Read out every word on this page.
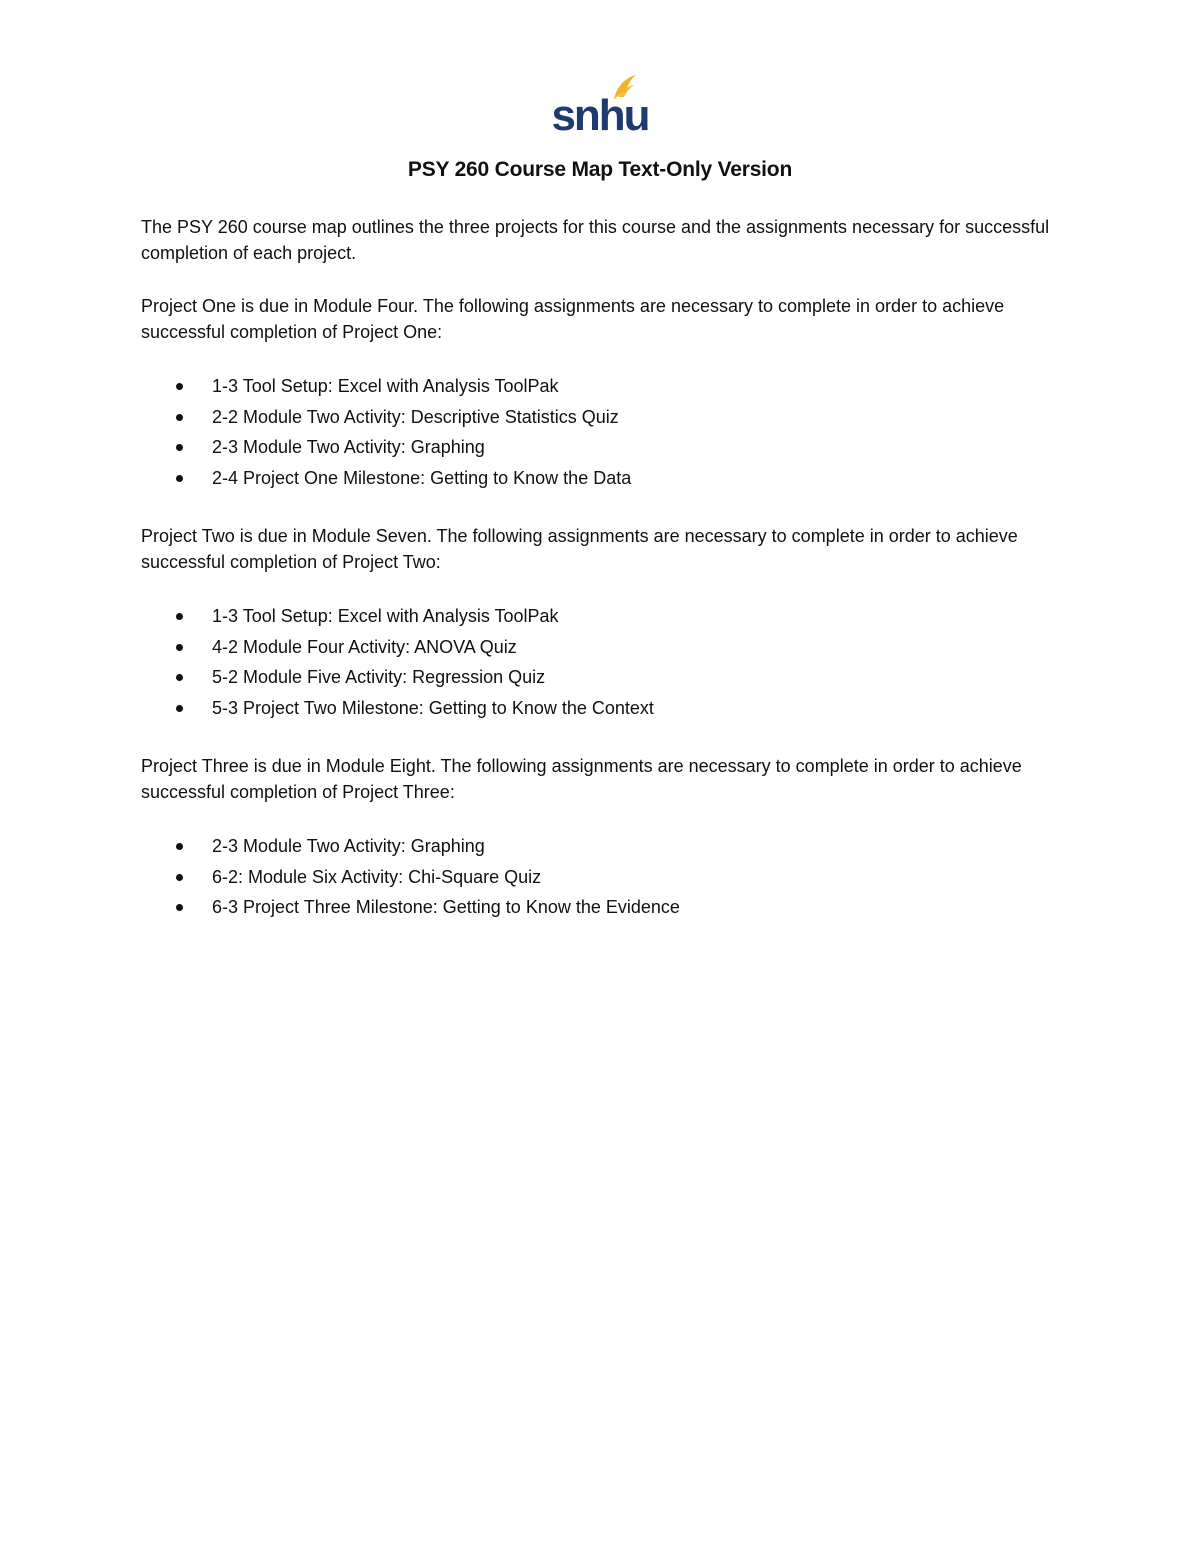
snhu
PSY 260 Course Map Text-Only Version

The PSY 260 course map outlines the three projects for this course and the assignments necessary for successful completion of each project.

Project One is due in Module Four. The following assignments are necessary to complete in order to achieve successful completion of Project One:

1-3 Tool Setup: Excel with Analysis ToolPak
2-2 Module Two Activity: Descriptive Statistics Quiz
2-3 Module Two Activity: Graphing
2-4 Project One Milestone: Getting to Know the Data

Project Two is due in Module Seven. The following assignments are necessary to complete in order to achieve successful completion of Project Two:

1-3 Tool Setup: Excel with Analysis ToolPak
4-2 Module Four Activity: ANOVA Quiz
5-2 Module Five Activity: Regression Quiz
5-3 Project Two Milestone: Getting to Know the Context

Project Three is due in Module Eight. The following assignments are necessary to complete in order to achieve successful completion of Project Three:

2-3 Module Two Activity: Graphing
6-2: Module Six Activity: Chi-Square Quiz
6-3 Project Three Milestone: Getting to Know the Evidence
